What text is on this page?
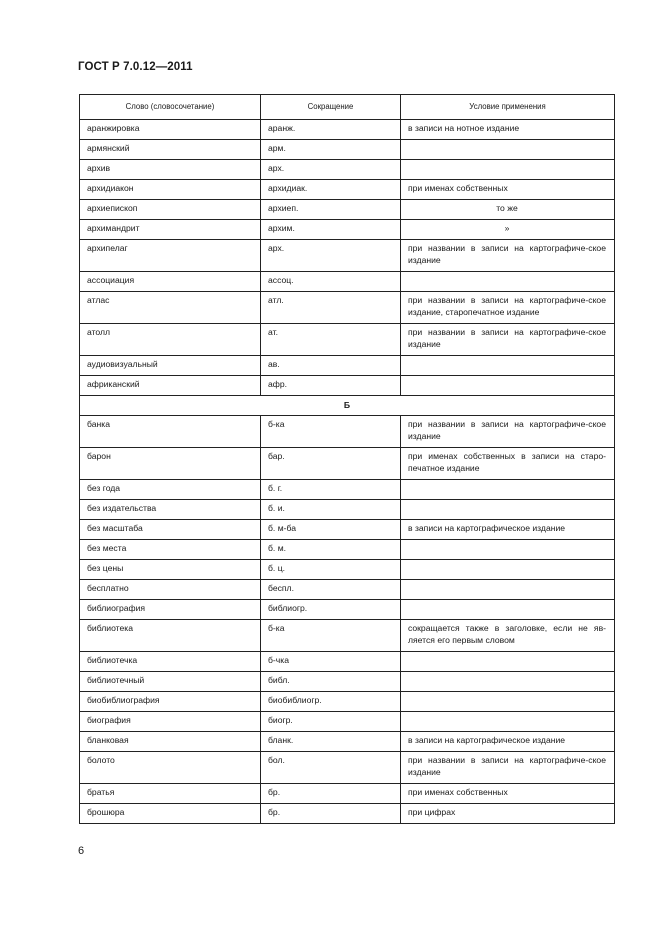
ГОСТ Р 7.0.12—2011
Слово (словосочетание)	Сокращение	Условие применения

аранжировка	аранж.	в записи на нотное издание

армянский	арм.	

архив	арх.	

архидиакон	архидиак.	при именах собственных

архиепископ	архиеп.	то же

архимандрит	архим.	»

архипелаг	арх.	при названии в записи на картографиче-ское издание

ассоциация	ассоц.	

атлас	атл.	при названии в записи на картографиче-ское издание, старопечатное издание

атолл	ат.	при названии в записи на картографиче-ское издание

аудиовизуальный	ав.	

африканский	афр.	

Б		

банка	б-ка	при названии в записи на картографиче-ское издание

барон	бар.	при именах собственных в записи на старо-печатное издание

без года	б. г.	

без издательства	б. и.	

без масштаба	б. м-ба	в записи на картографическое издание

без места	б. м.	

без цены	б. ц.	

бесплатно	беспл.	

библиография	библиогр.	

библиотека	б-ка	сокращается также в заголовке, если не яв-ляется его первым словом

библиотечка	б-чка	

библиотечный	библ.	

биобиблиография	биобиблиогр.	

биография	биогр.	

бланковая	бланк.	в записи на картографическое издание

болото	бол.	при названии в записи на картографиче-ское издание

братья	бр.	при именах собственных

брошюра	бр.	при цифрах
6
